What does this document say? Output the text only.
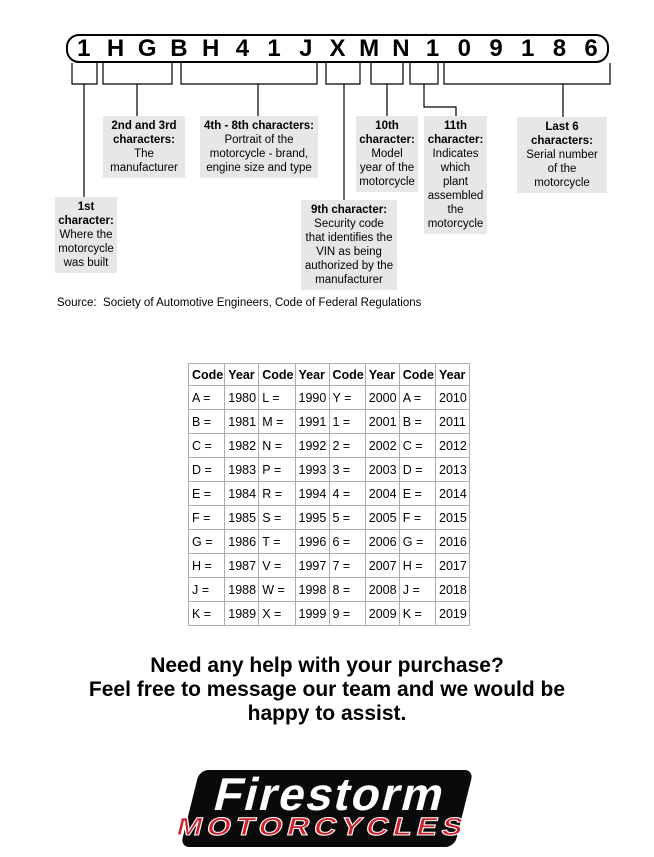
1 H G B H 4 1 J X M N 1 0 9 1 8 6
1st character:
Where the motorcycle was built
2nd and 3rd characters:
The manufacturer
4th - 8th characters:
Portrait of the motorcycle - brand, engine size and type
9th character:
Security code that identifies the VIN as being authorized by the manufacturer
10th character:
Model year of the motorcycle
11th character:
Indicates which plant assembled the motorcycle
Last 6 characters:
Serial number of the motorcycle
Source:  Society of Automotive Engineers, Code of Federal Regulations
Code	Year	Code	Year	Code	Year	Code	Year
A =	1980	L =	1990	Y =	2000	A =	2010
B =	1981	M =	1991	1 =	2001	B =	2011
C =	1982	N =	1992	2 =	2002	C =	2012
D =	1983	P =	1993	3 =	2003	D =	2013
E =	1984	R =	1994	4 =	2004	E =	2014
F =	1985	S =	1995	5 =	2005	F =	2015
G =	1986	T =	1996	6 =	2006	G =	2016
H =	1987	V =	1997	7 =	2007	H =	2017
J =	1988	W =	1998	8 =	2008	J =	2018
K =	1989	X =	1999	9 =	2009	K =	2019
Need any help with your purchase?
Feel free to message our team and we would be
happy to assist.
Firestorm
MOTORCYCLES
